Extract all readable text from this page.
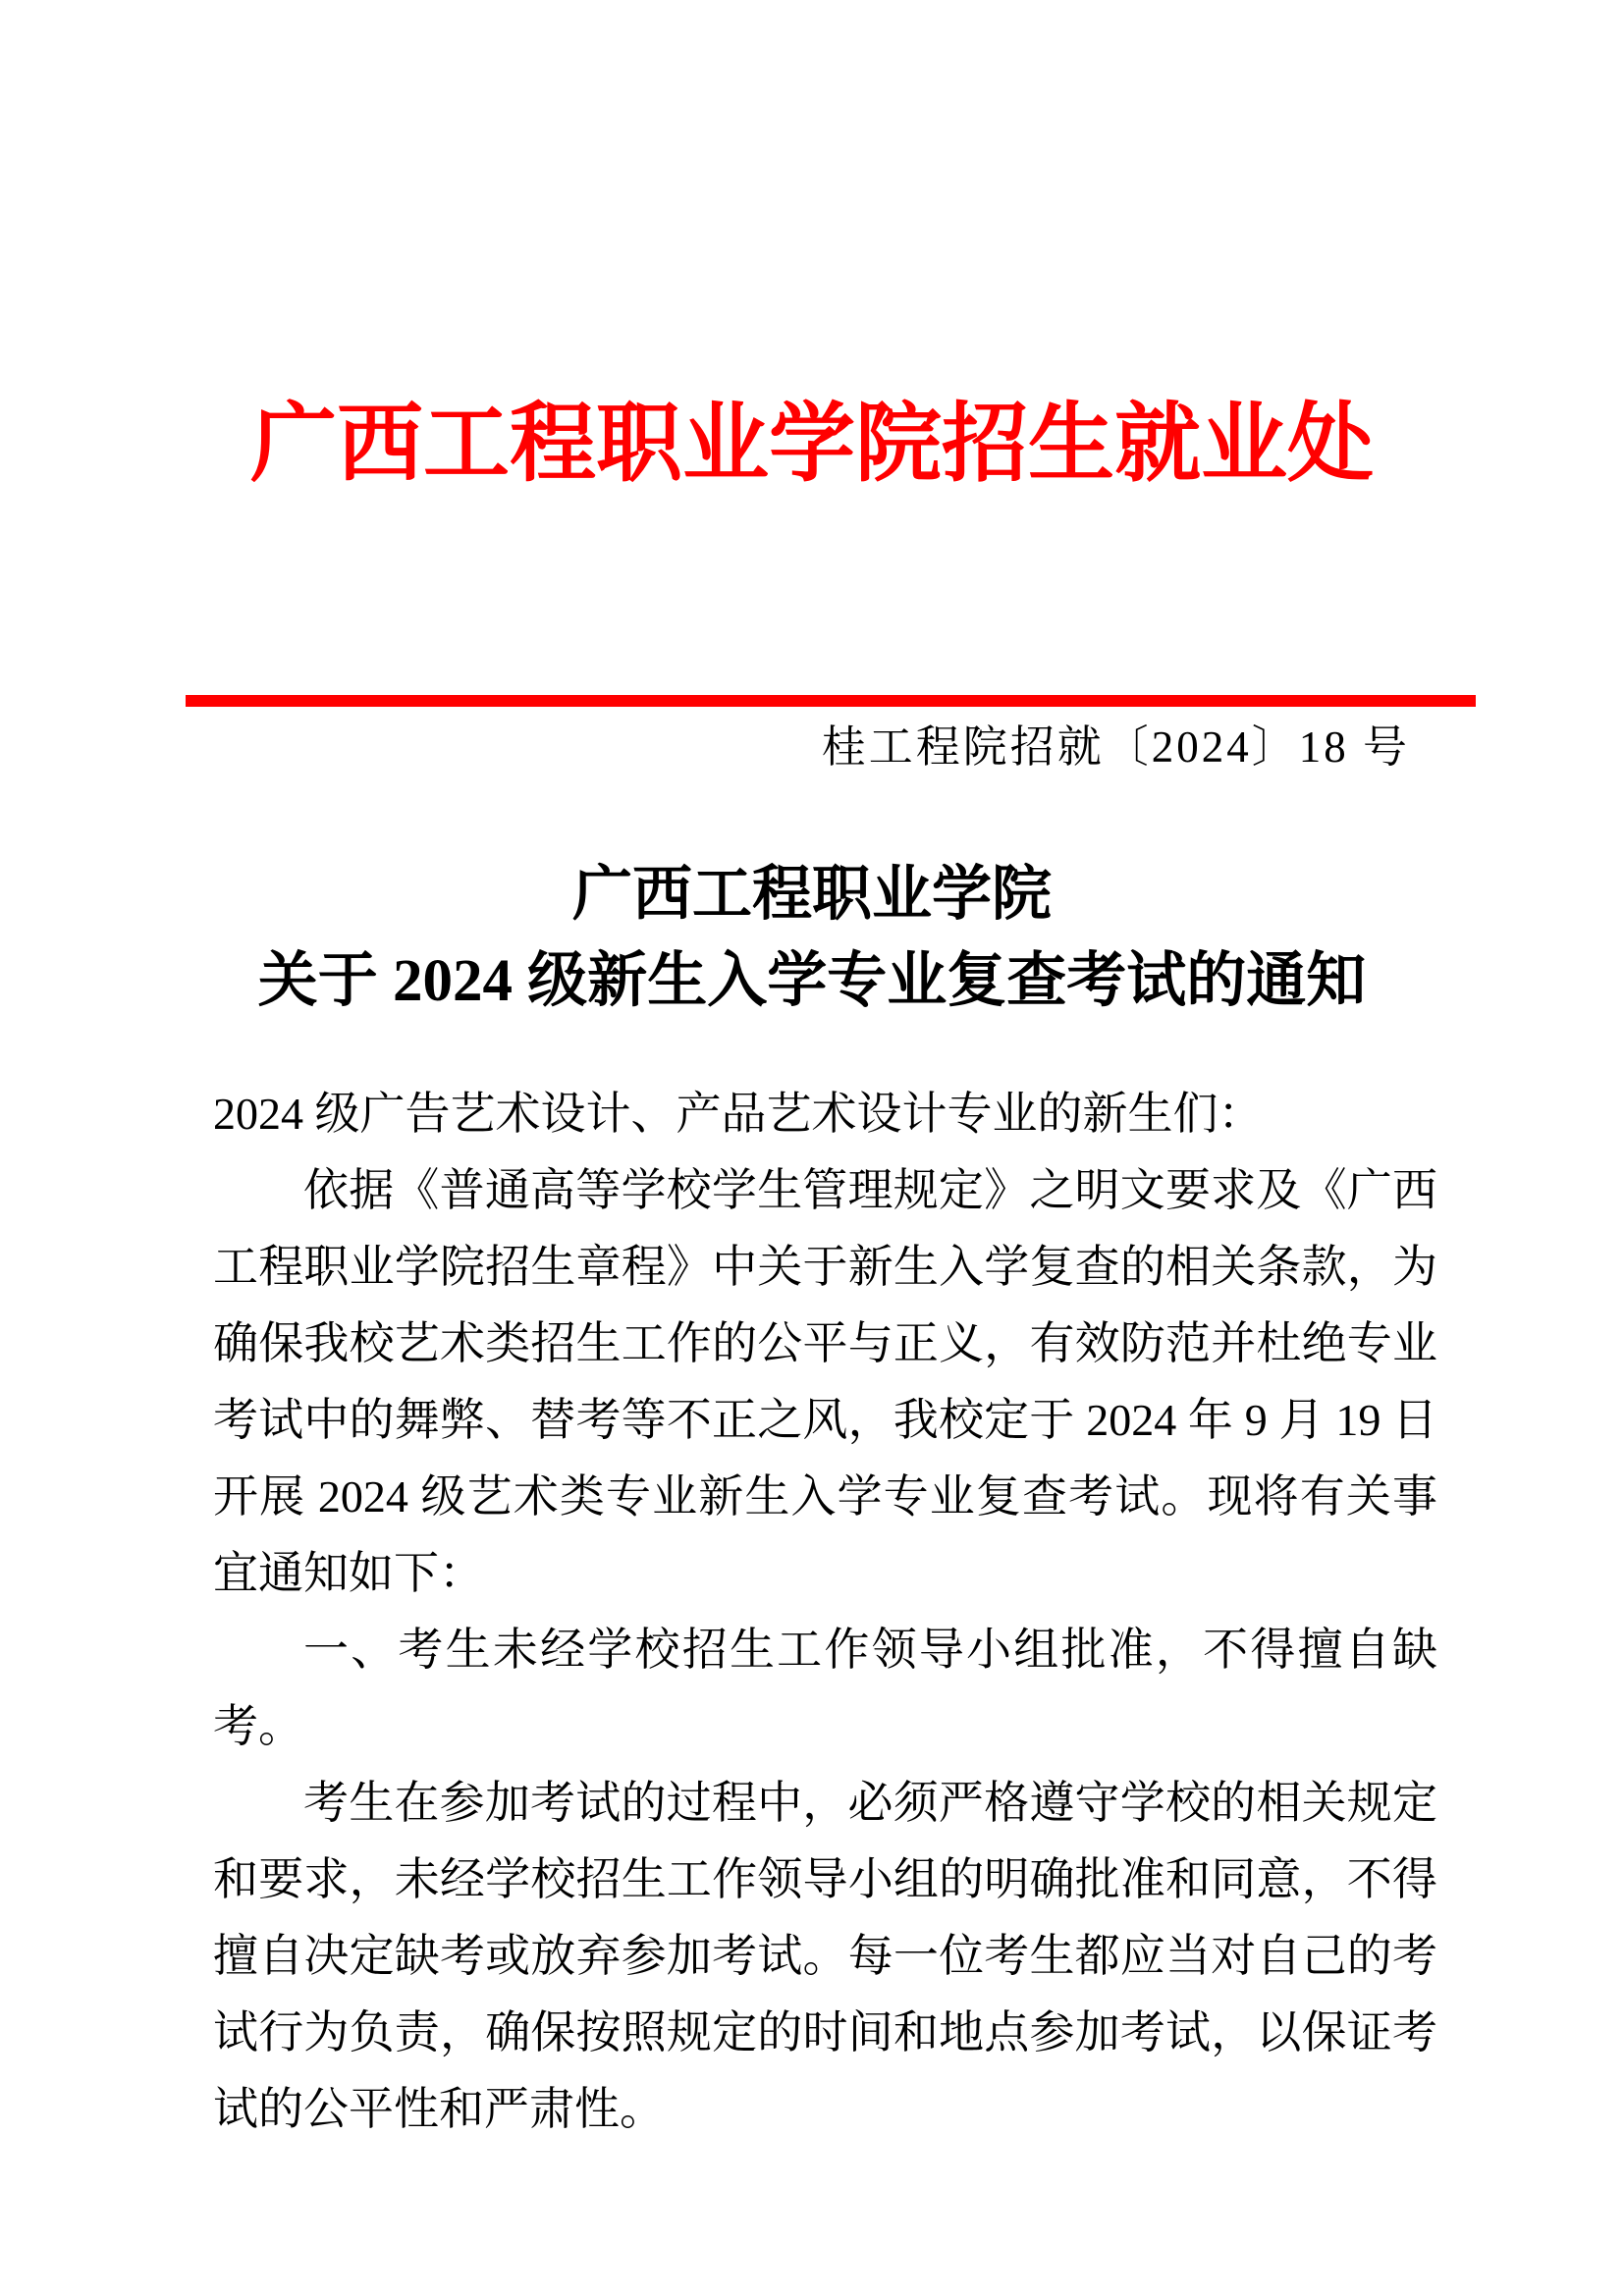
广西工程职业学院招生就业处
桂工程院招就〔2024〕18 号
广西工程职业学院
关于 2024 级新生入学专业复查考试的通知

2024 级广告艺术设计、产品艺术设计专业的新生们：

依据《普通高等学校学生管理规定》之明文要求及《广西工程职业学院招生章程》中关于新生入学复查的相关条款，为确保我校艺术类招生工作的公平与正义，有效防范并杜绝专业考试中的舞弊、替考等不正之风，我校定于 2024 年 9 月 19 日开展 2024 级艺术类专业新生入学专业复查考试。现将有关事宜通知如下：

一、考生未经学校招生工作领导小组批准，不得擅自缺考。

考生在参加考试的过程中，必须严格遵守学校的相关规定和要求，未经学校招生工作领导小组的明确批准和同意，不得擅自决定缺考或放弃参加考试。每一位考生都应当对自己的考试行为负责，确保按照规定的时间和地点参加考试，以保证考试的公平性和严肃性。
